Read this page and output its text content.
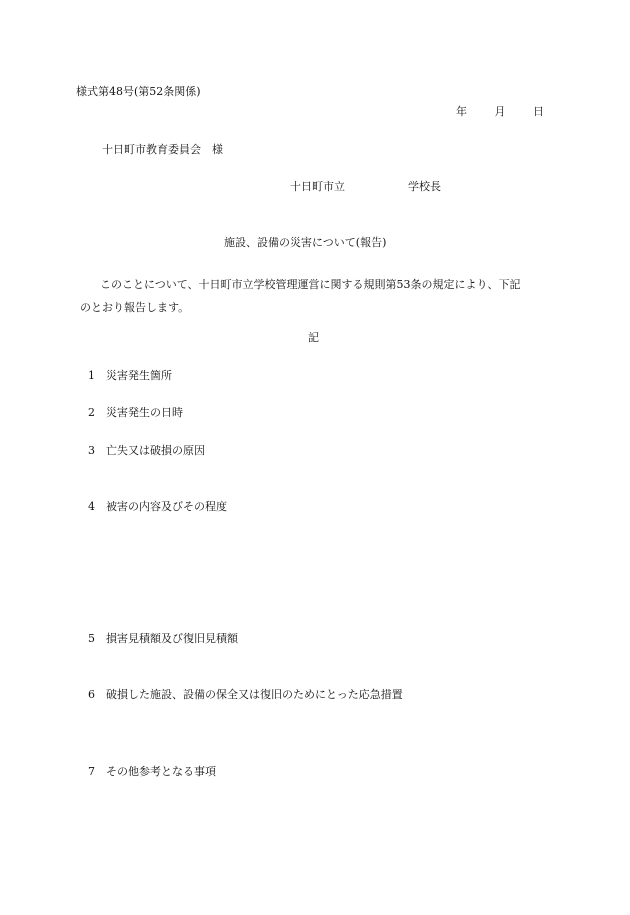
様式第48号(第52条関係)
年	月	日
十日町市教育委員会　様
十日町市立	学校長
施設、設備の災害について(報告)
このことについて、十日町市立学校管理運営に関する規則第53条の規定により、下記
のとおり報告します。
記
1 災害発生箇所
2 災害発生の日時
3 亡失又は破損の原因
4 被害の内容及びその程度
5 損害見積額及び復旧見積額
6 破損した施設、設備の保全又は復旧のためにとった応急措置
7 その他参考となる事項
